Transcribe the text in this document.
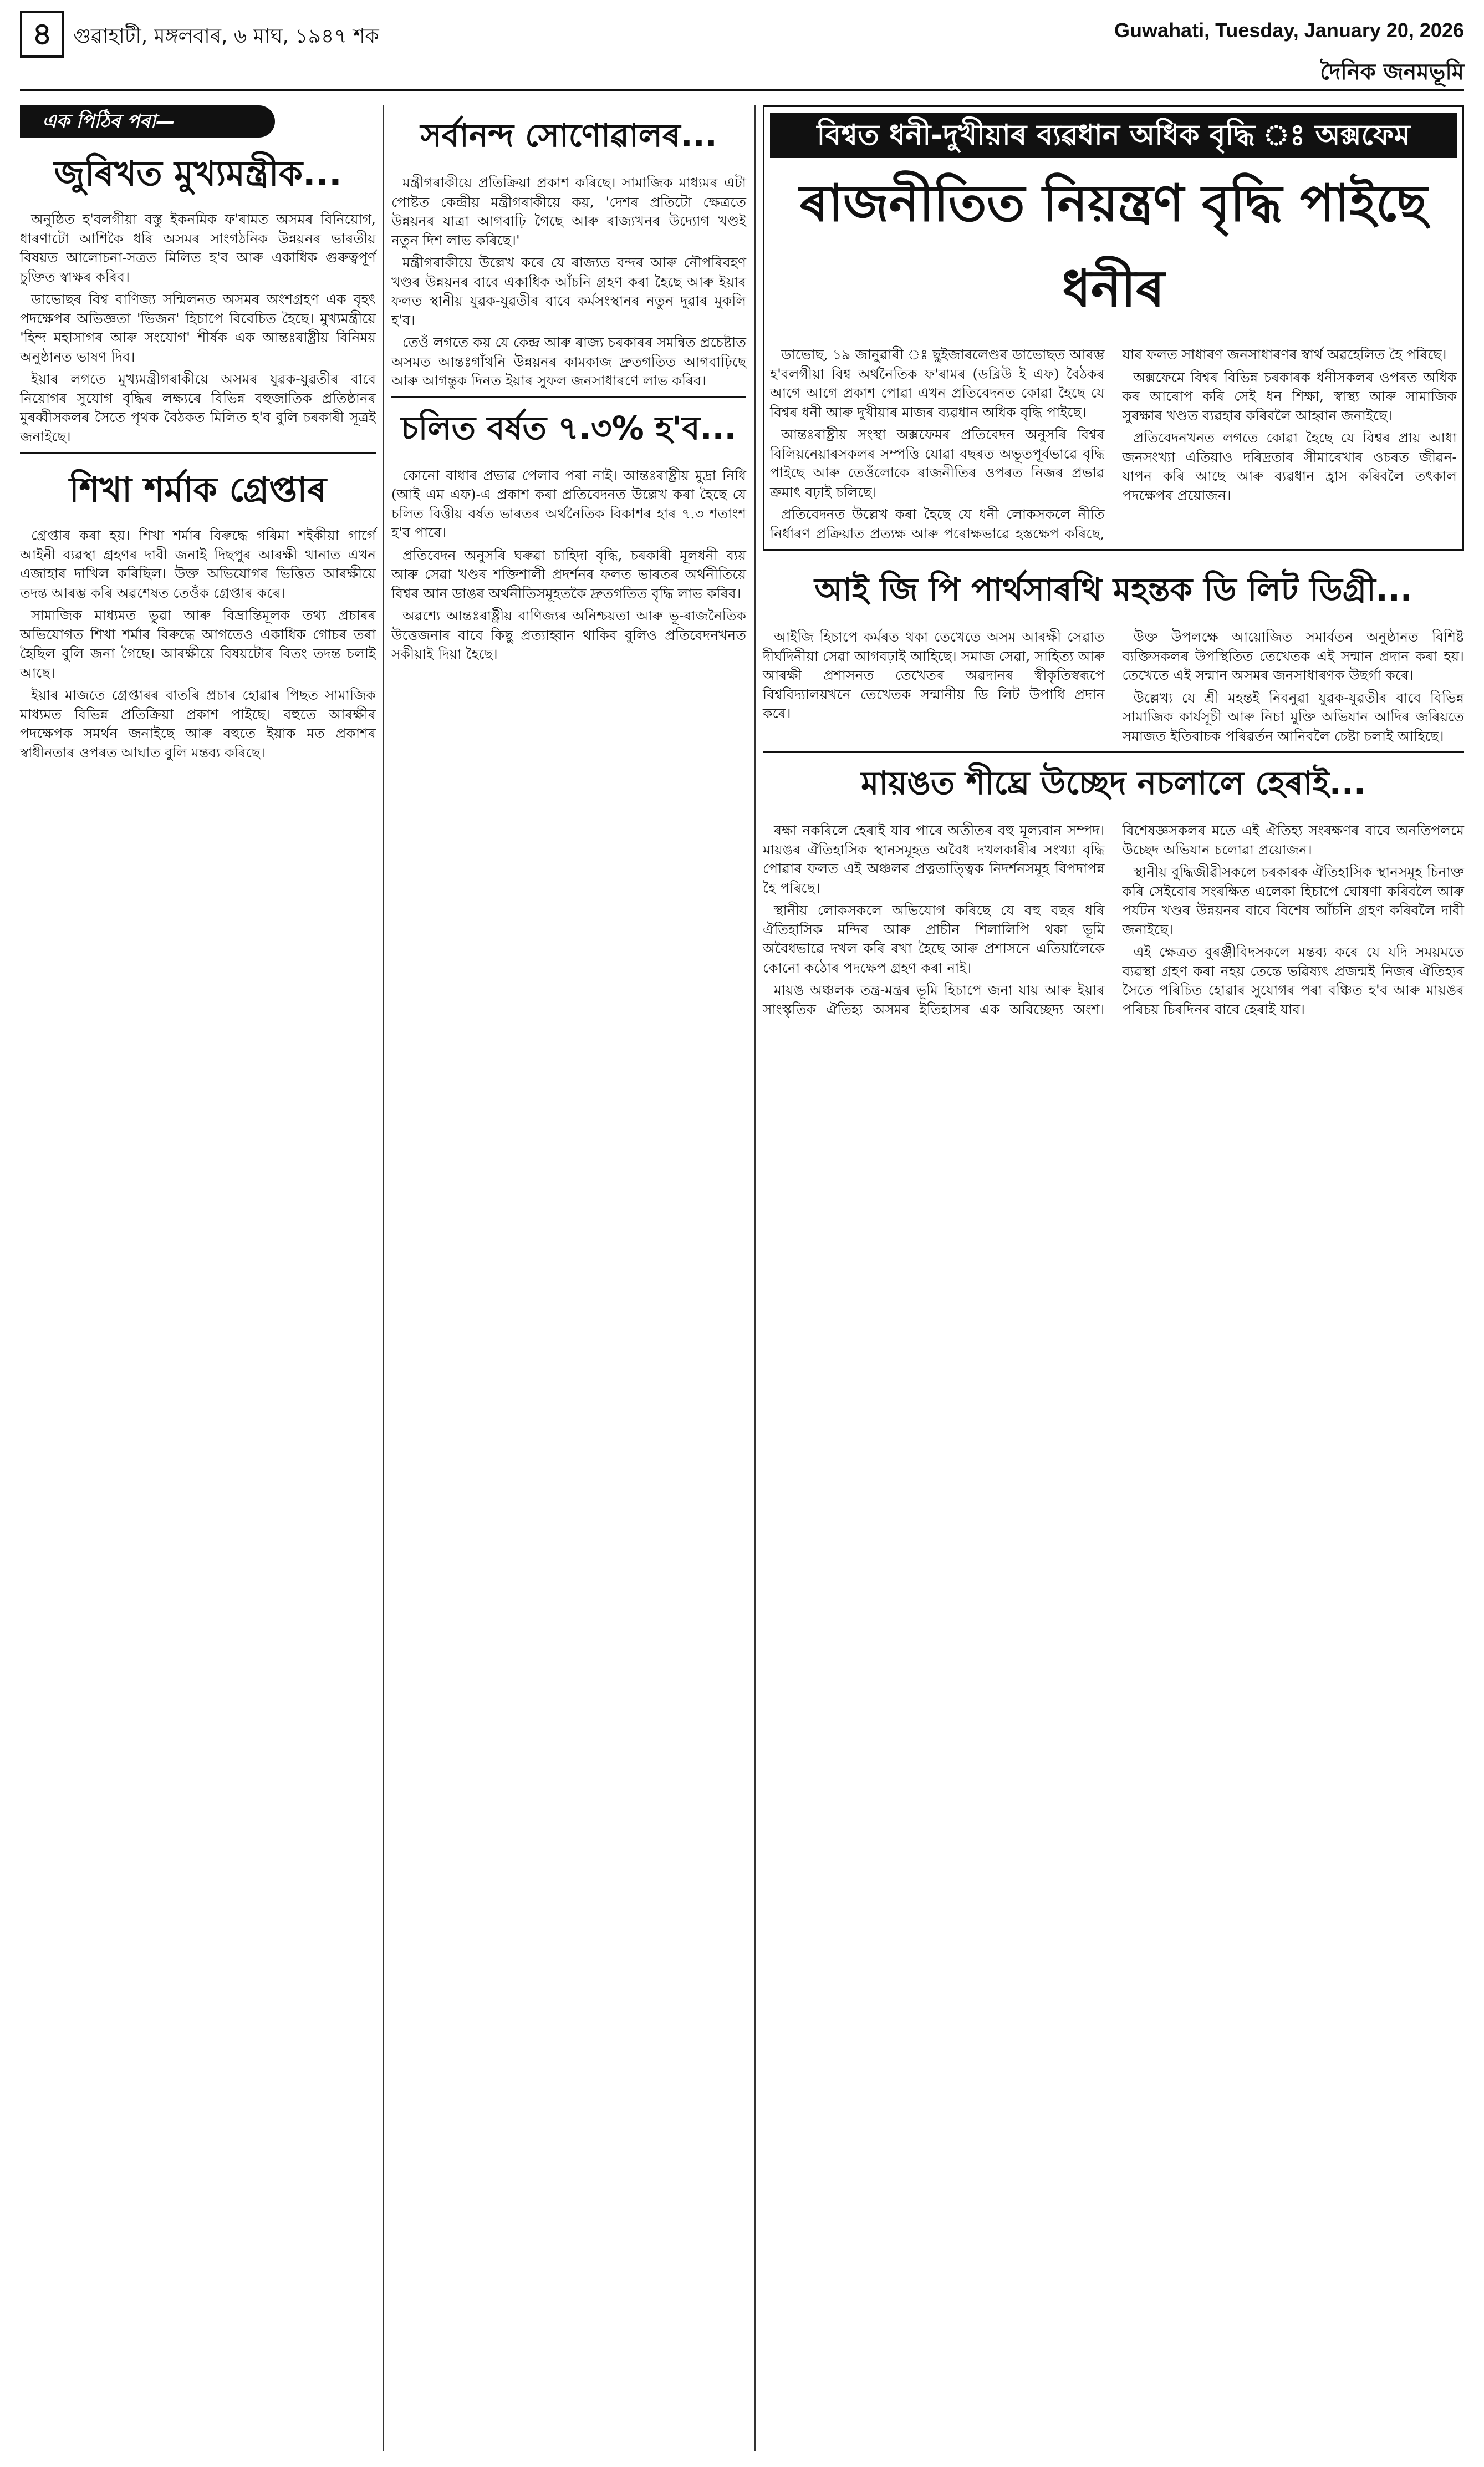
৪	গুৱাহাটী, মঙ্গলবাৰ, ৬ মাঘ, ১৯৪৭ শক	Guwahati, Tuesday, January 20, 2026
দৈনিক জনমভূমি
এক পিঠিৰ পৰা—
জুৰিখত মুখ্যমন্ত্ৰীক...

অনুষ্ঠিত হ'বলগীয়া বস্তু ইকনমিক ফ'ৰামত অসমৰ বিনিয়োগ, ধাৰণাটো আশিকৈ ধৰি অসমৰ সাংগঠনিক উন্নয়নৰ ভাৰতীয় বিষয়ত আলোচনা-সত্ৰত মিলিত হ'ব আৰু একাধিক গুৰুত্বপূৰ্ণ চুক্তিত স্বাক্ষৰ কৰিব।

ডাভোছৰ বিশ্ব বাণিজ্য সন্মিলনত অসমৰ অংশগ্ৰহণ এক বৃহৎ পদক্ষেপৰ অভিজ্ঞতা 'ভিজন' হিচাপে বিবেচিত হৈছে। মুখ্যমন্ত্ৰীয়ে 'হিন্দ মহাসাগৰ আৰু সংযোগ' শীৰ্ষক এক আন্তঃৰাষ্ট্ৰীয় বিনিময় অনুষ্ঠানত ভাষণ দিব।

ইয়াৰ লগতে মুখ্যমন্ত্ৰীগৰাকীয়ে অসমৰ যুৱক-যুৱতীৰ বাবে নিয়োগৰ সুযোগ বৃদ্ধিৰ লক্ষ্যৰে বিভিন্ন বহুজাতিক প্ৰতিষ্ঠানৰ মুৰব্বীসকলৰ সৈতে পৃথক বৈঠকত মিলিত হ'ব বুলি চৰকাৰী সূত্ৰই জনাইছে।

শিখা শৰ্মাক গ্ৰেপ্তাৰ

গ্ৰেপ্তাৰ কৰা হয়। শিখা শৰ্মাৰ বিৰুদ্ধে গৰিমা শইকীয়া গাৰ্গে আইনী ব্যৱস্থা গ্ৰহণৰ দাবী জনাই দিছপুৰ আৰক্ষী থানাত এখন এজাহাৰ দাখিল কৰিছিল। উক্ত অভিযোগৰ ভিত্তিত আৰক্ষীয়ে তদন্ত আৰম্ভ কৰি অৱশেষত তেওঁক গ্ৰেপ্তাৰ কৰে।

সামাজিক মাধ্যমত ভুৱা আৰু বিভ্ৰান্তিমূলক তথ্য প্ৰচাৰৰ অভিযোগত শিখা শৰ্মাৰ বিৰুদ্ধে আগতেও একাধিক গোচৰ তৰা হৈছিল বুলি জনা গৈছে। আৰক্ষীয়ে বিষয়টোৰ বিতং তদন্ত চলাই আছে।

ইয়াৰ মাজতে গ্ৰেপ্তাৰৰ বাতৰি প্ৰচাৰ হোৱাৰ পিছত সামাজিক মাধ্যমত বিভিন্ন প্ৰতিক্ৰিয়া প্ৰকাশ পাইছে। বহুতে আৰক্ষীৰ পদক্ষেপক সমৰ্থন জনাইছে আৰু বহুতে ইয়াক মত প্ৰকাশৰ স্বাধীনতাৰ ওপৰত আঘাত বুলি মন্তব্য কৰিছে।

সৰ্বানন্দ সোণোৱালৰ...

মন্ত্ৰীগৰাকীয়ে প্ৰতিক্ৰিয়া প্ৰকাশ কৰিছে। সামাজিক মাধ্যমৰ এটা পোষ্টত কেন্দ্ৰীয় মন্ত্ৰীগৰাকীয়ে কয়, 'দেশৰ প্ৰতিটো ক্ষেত্ৰতে উন্নয়নৰ যাত্ৰা আগবাঢ়ি গৈছে আৰু ৰাজ্যখনৰ উদ্যোগ খণ্ডই নতুন দিশ লাভ কৰিছে।'

মন্ত্ৰীগৰাকীয়ে উল্লেখ কৰে যে ৰাজ্যত বন্দৰ আৰু নৌপৰিবহণ খণ্ডৰ উন্নয়নৰ বাবে একাধিক আঁচনি গ্ৰহণ কৰা হৈছে আৰু ইয়াৰ ফলত স্থানীয় যুৱক-যুৱতীৰ বাবে কৰ্মসংস্থানৰ নতুন দুৱাৰ মুকলি হ'ব।

তেওঁ লগতে কয় যে কেন্দ্ৰ আৰু ৰাজ্য চৰকাৰৰ সমন্বিত প্ৰচেষ্টাত অসমত আন্তঃগাঁথনি উন্নয়নৰ কামকাজ দ্ৰুতগতিত আগবাঢ়িছে আৰু আগন্তুক দিনত ইয়াৰ সুফল জনসাধাৰণে লাভ কৰিব।

চলিত বৰ্ষত ৭.৩% হ'ব...

কোনো বাধাৰ প্ৰভাৱ পেলাব পৰা নাই। আন্তঃৰাষ্ট্ৰীয় মুদ্ৰা নিধি (আই এম এফ)-এ প্ৰকাশ কৰা প্ৰতিবেদনত উল্লেখ কৰা হৈছে যে চলিত বিত্তীয় বৰ্ষত ভাৰতৰ অৰ্থনৈতিক বিকাশৰ হাৰ ৭.৩ শতাংশ হ'ব পাৰে।

প্ৰতিবেদন অনুসৰি ঘৰুৱা চাহিদা বৃদ্ধি, চৰকাৰী মূলধনী ব্যয় আৰু সেৱা খণ্ডৰ শক্তিশালী প্ৰদৰ্শনৰ ফলত ভাৰতৰ অৰ্থনীতিয়ে বিশ্বৰ আন ডাঙৰ অৰ্থনীতিসমূহতকৈ দ্ৰুতগতিত বৃদ্ধি লাভ কৰিব।

অৱশ্যে আন্তঃৰাষ্ট্ৰীয় বাণিজ্যৰ অনিশ্চয়তা আৰু ভূ-ৰাজনৈতিক উত্তেজনাৰ বাবে কিছু প্ৰত্যাহ্বান থাকিব বুলিও প্ৰতিবেদনখনত সকীয়াই দিয়া হৈছে।

বিশ্বত ধনী-দুখীয়াৰ ব্যৱধান অধিক বৃদ্ধি ঃ অক্সফেম
ৰাজনীতিত নিয়ন্ত্ৰণ বৃদ্ধি পাইছে ধনীৰ

ডাভোছ, ১৯ জানুৱাৰী ঃ ছুইজাৰলেণ্ডৰ ডাভোছত আৰম্ভ হ'বলগীয়া বিশ্ব অৰ্থনৈতিক ফ'ৰামৰ (ডব্লিউ ই এফ) বৈঠকৰ আগে আগে প্ৰকাশ পোৱা এখন প্ৰতিবেদনত কোৱা হৈছে যে বিশ্বৰ ধনী আৰু দুখীয়াৰ মাজৰ ব্যৱধান অধিক বৃদ্ধি পাইছে।

আন্তঃৰাষ্ট্ৰীয় সংস্থা অক্সফেমৰ প্ৰতিবেদন অনুসৰি বিশ্বৰ বিলিয়নেয়াৰসকলৰ সম্পত্তি যোৱা বছৰত অভূতপূৰ্বভাৱে বৃদ্ধি পাইছে আৰু তেওঁলোকে ৰাজনীতিৰ ওপৰত নিজৰ প্ৰভাৱ ক্ৰমাৎ বঢ়াই চলিছে।

প্ৰতিবেদনত উল্লেখ কৰা হৈছে যে ধনী লোকসকলে নীতি নিৰ্ধাৰণ প্ৰক্ৰিয়াত প্ৰত্যক্ষ আৰু পৰোক্ষভাৱে হস্তক্ষেপ কৰিছে, যাৰ ফলত সাধাৰণ জনসাধাৰণৰ স্বাৰ্থ অৱহেলিত হৈ পৰিছে।

অক্সফেমে বিশ্বৰ বিভিন্ন চৰকাৰক ধনীসকলৰ ওপৰত অধিক কৰ আৰোপ কৰি সেই ধন শিক্ষা, স্বাস্থ্য আৰু সামাজিক সুৰক্ষাৰ খণ্ডত ব্যৱহাৰ কৰিবলৈ আহ্বান জনাইছে।

প্ৰতিবেদনখনত লগতে কোৱা হৈছে যে বিশ্বৰ প্ৰায় আধা জনসংখ্যা এতিয়াও দৰিদ্ৰতাৰ সীমাৰেখাৰ ওচৰত জীৱন-যাপন কৰি আছে আৰু ব্যৱধান হ্ৰাস কৰিবলৈ তৎকাল পদক্ষেপৰ প্ৰয়োজন।

আই জি পি পাৰ্থসাৰথি মহন্তক ডি লিট ডিগ্ৰী...

আইজি হিচাপে কৰ্মৰত থকা তেখেতে অসম আৰক্ষী সেৱাত দীৰ্ঘদিনীয়া সেৱা আগবঢ়াই আহিছে। সমাজ সেৱা, সাহিত্য আৰু আৰক্ষী প্ৰশাসনত তেখেতৰ অৱদানৰ স্বীকৃতিস্বৰূপে বিশ্ববিদ্যালয়খনে তেখেতক সন্মানীয় ডি লিট উপাধি প্ৰদান কৰে।

উক্ত উপলক্ষে আয়োজিত সমাৰ্বতন অনুষ্ঠানত বিশিষ্ট ব্যক্তিসকলৰ উপস্থিতিত তেখেতক এই সন্মান প্ৰদান কৰা হয়। তেখেতে এই সন্মান অসমৰ জনসাধাৰণক উছৰ্গা কৰে।

উল্লেখ্য যে শ্ৰী মহন্তই নিবনুৱা যুৱক-যুৱতীৰ বাবে বিভিন্ন সামাজিক কাৰ্যসূচী আৰু নিচা মুক্তি অভিযান আদিৰ জৰিয়তে সমাজত ইতিবাচক পৰিৱৰ্তন আনিবলৈ চেষ্টা চলাই আহিছে।

মায়ঙত শীঘ্ৰে উচ্ছেদ নচলালে হেৰাই...

ৰক্ষা নকৰিলে হেৰাই যাব পাৰে অতীতৰ বহু মূল্যবান সম্পদ। মায়ঙৰ ঐতিহাসিক স্থানসমূহত অবৈধ দখলকাৰীৰ সংখ্যা বৃদ্ধি পোৱাৰ ফলত এই অঞ্চলৰ প্ৰত্নতাত্ত্বিক নিদৰ্শনসমূহ বিপদাপন্ন হৈ পৰিছে।

স্থানীয় লোকসকলে অভিযোগ কৰিছে যে বহু বছৰ ধৰি ঐতিহাসিক মন্দিৰ আৰু প্ৰাচীন শিলালিপি থকা ভূমি অবৈধভাৱে দখল কৰি ৰখা হৈছে আৰু প্ৰশাসনে এতিয়ালৈকে কোনো কঠোৰ পদক্ষেপ গ্ৰহণ কৰা নাই।

মায়ঙ অঞ্চলক তন্ত্ৰ-মন্ত্ৰৰ ভূমি হিচাপে জনা যায় আৰু ইয়াৰ সাংস্কৃতিক ঐতিহ্য অসমৰ ইতিহাসৰ এক অবিচ্ছেদ্য অংশ। বিশেষজ্ঞসকলৰ মতে এই ঐতিহ্য সংৰক্ষণৰ বাবে অনতিপলমে উচ্ছেদ অভিযান চলোৱা প্ৰয়োজন।

স্থানীয় বুদ্ধিজীৱীসকলে চৰকাৰক ঐতিহাসিক স্থানসমূহ চিনাক্ত কৰি সেইবোৰ সংৰক্ষিত এলেকা হিচাপে ঘোষণা কৰিবলৈ আৰু পৰ্যটন খণ্ডৰ উন্নয়নৰ বাবে বিশেষ আঁচনি গ্ৰহণ কৰিবলৈ দাবী জনাইছে।

এই ক্ষেত্ৰত বুৰঞ্জীবিদসকলে মন্তব্য কৰে যে যদি সময়মতে ব্যৱস্থা গ্ৰহণ কৰা নহয় তেন্তে ভৱিষ্যৎ প্ৰজন্মই নিজৰ ঐতিহ্যৰ সৈতে পৰিচিত হোৱাৰ সুযোগৰ পৰা বঞ্চিত হ'ব আৰু মায়ঙৰ পৰিচয় চিৰদিনৰ বাবে হেৰাই যাব।
